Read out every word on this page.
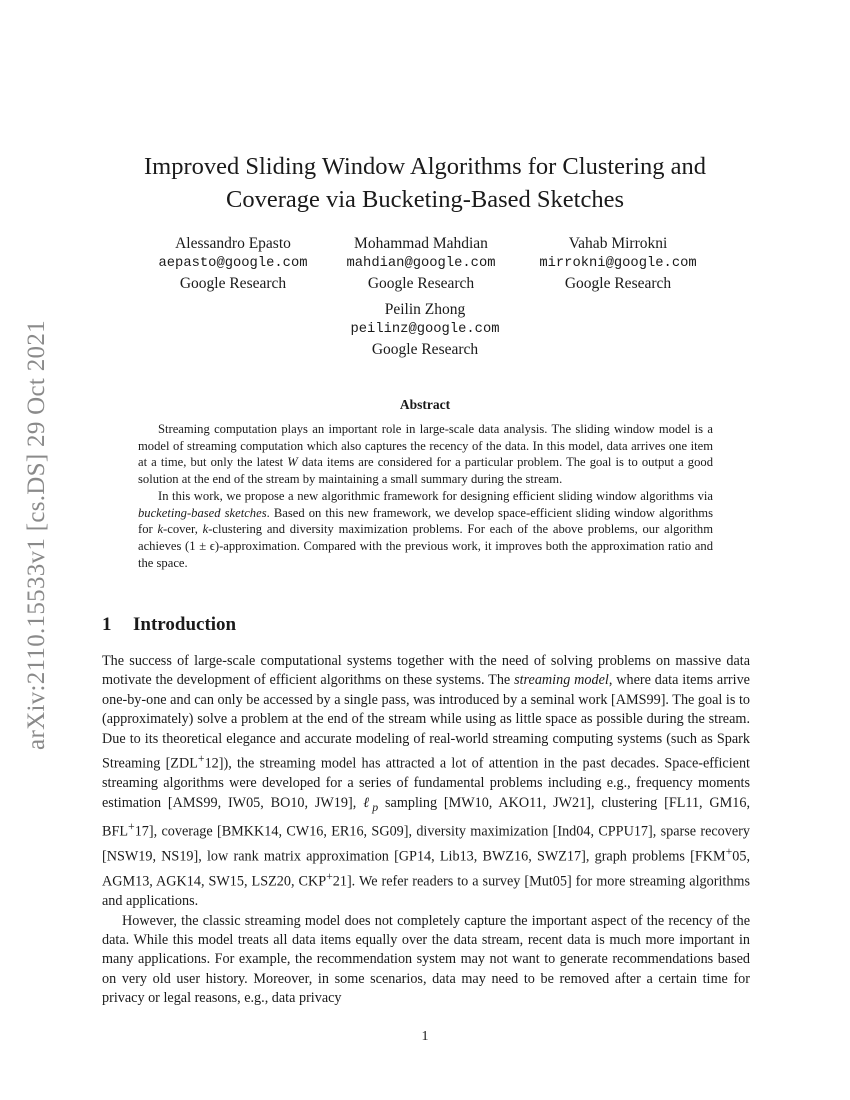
arXiv:2110.15533v1 [cs.DS] 29 Oct 2021
Improved Sliding Window Algorithms for Clustering and
Coverage via Bucketing-Based Sketches
Alessandro Epasto
aepasto@google.com
Google Research
Mohammad Mahdian
mahdian@google.com
Google Research
Vahab Mirrokni
mirrokni@google.com
Google Research
Peilin Zhong
peilinz@google.com
Google Research
Abstract

Streaming computation plays an important role in large-scale data analysis. The sliding window model is a model of streaming computation which also captures the recency of the data. In this model, data arrives one item at a time, but only the latest W data items are considered for a particular problem. The goal is to output a good solution at the end of the stream by maintaining a small summary during the stream.

In this work, we propose a new algorithmic framework for designing efficient sliding window algorithms via bucketing-based sketches. Based on this new framework, we develop space-efficient sliding window algorithms for k-cover, k-clustering and diversity maximization problems. For each of the above problems, our algorithm achieves (1 ± ϵ)-approximation. Compared with the previous work, it improves both the approximation ratio and the space.

1 Introduction

The success of large-scale computational systems together with the need of solving problems on massive data motivate the development of efficient algorithms on these systems. The streaming model, where data items arrive one-by-one and can only be accessed by a single pass, was introduced by a seminal work [AMS99]. The goal is to (approximately) solve a problem at the end of the stream while using as little space as possible during the stream. Due to its theoretical elegance and accurate modeling of real-world streaming computing systems (such as Spark Streaming [ZDL+12]), the streaming model has attracted a lot of attention in the past decades. Space-efficient streaming algorithms were developed for a series of fundamental problems including e.g., frequency moments estimation [AMS99, IW05, BO10, JW19], ℓ$_p$ sampling [MW10, AKO11, JW21], clustering [FL11, GM16, BFL+17], coverage [BMKK14, CW16, ER16, SG09], diversity maximization [Ind04, CPPU17], sparse recovery [NSW19, NS19], low rank matrix approximation [GP14, Lib13, BWZ16, SWZ17], graph problems [FKM+05, AGM13, AGK14, SW15, LSZ20, CKP+21]. We refer readers to a survey [Mut05] for more streaming algorithms and applications.

However, the classic streaming model does not completely capture the important aspect of the recency of the data. While this model treats all data items equally over the data stream, recent data is much more important in many applications. For example, the recommendation system may not want to generate recommendations based on very old user history. Moreover, in some scenarios, data may need to be removed after a certain time for privacy or legal reasons, e.g., data privacy

1
